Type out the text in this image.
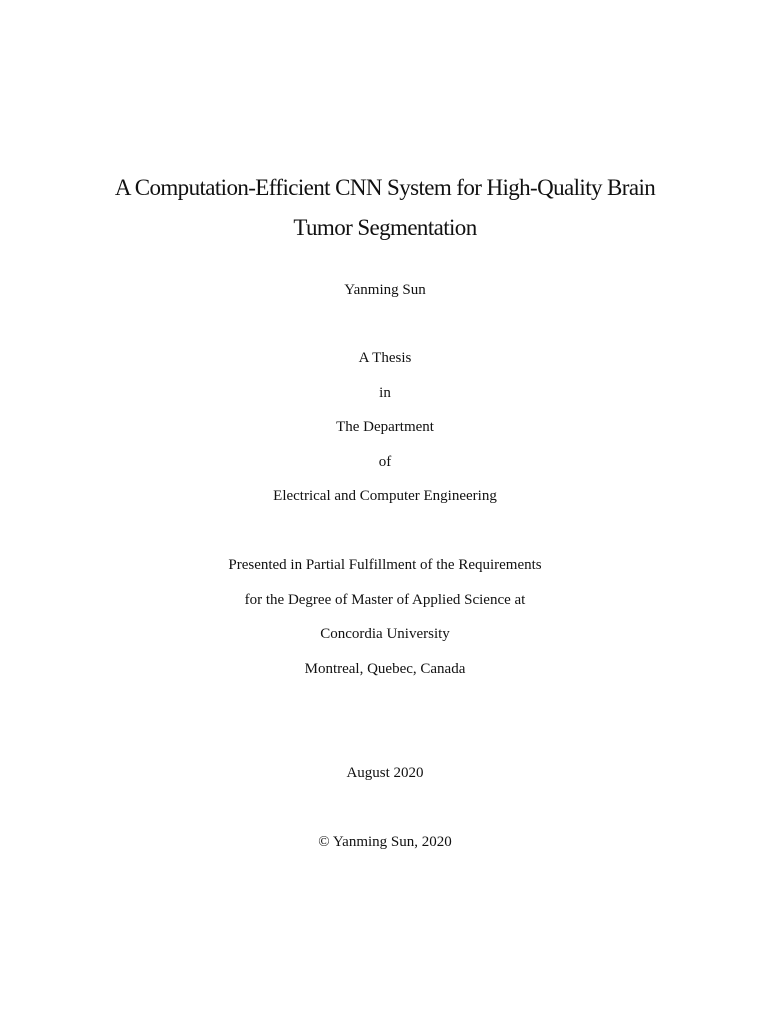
A Computation-Efficient CNN System for High-Quality Brain
Tumor Segmentation
Yanming Sun
A Thesis
in
The Department
of
Electrical and Computer Engineering
Presented in Partial Fulfillment of the Requirements
for the Degree of Master of Applied Science at
Concordia University
Montreal, Quebec, Canada
August 2020
© Yanming Sun, 2020
